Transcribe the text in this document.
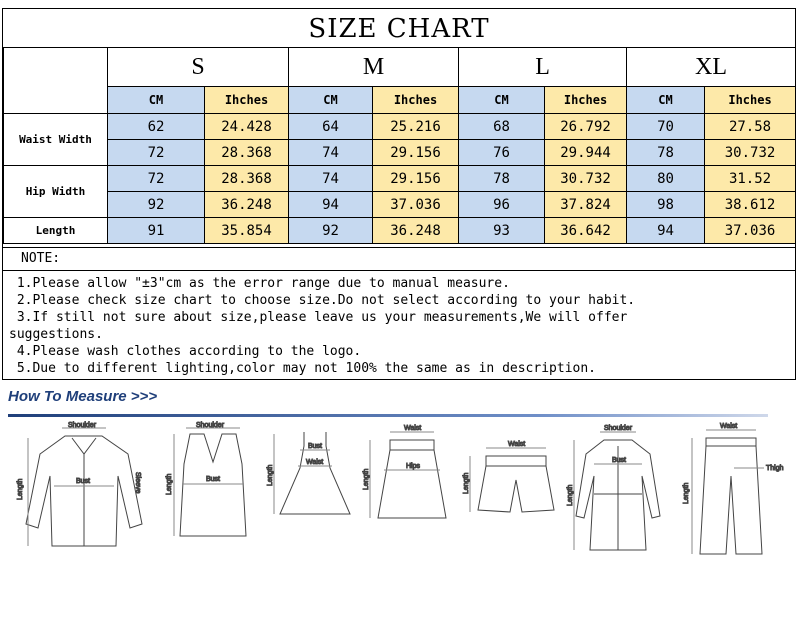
SIZE CHART
	S		M		L		XL	
	CM	Ihches	CM	Ihches	CM	Ihches	CM	Ihches
Waist Width	62	24.428	64	25.216	68	26.792	70	27.58
	72	28.368	74	29.156	76	29.944	78	30.732
Hip Width	72	28.368	74	29.156	78	30.732	80	31.52
	92	36.248	94	37.036	96	37.824	98	38.612
Length	91	35.854	92	36.248	93	36.642	94	37.036
NOTE:
1.Please allow "±3"cm as the error range due to manual measure.
2.Please check size chart to choose size.Do not select according to your habit.
3.If still not sure about size,please leave us your measurements,We will offer
suggestions.
4.Please wash clothes according to the logo.
5.Due to different lighting,color may not 100% the same as in description.
How To Measure >>>
Shoulder
Bust
Length	Sleeve
Shoulder
Bust
Length
Bust
Waist
Length
Waist
Hips
Length
Waist
Length
Shoulder
Bust
Length
Waist
Thigh
Length
